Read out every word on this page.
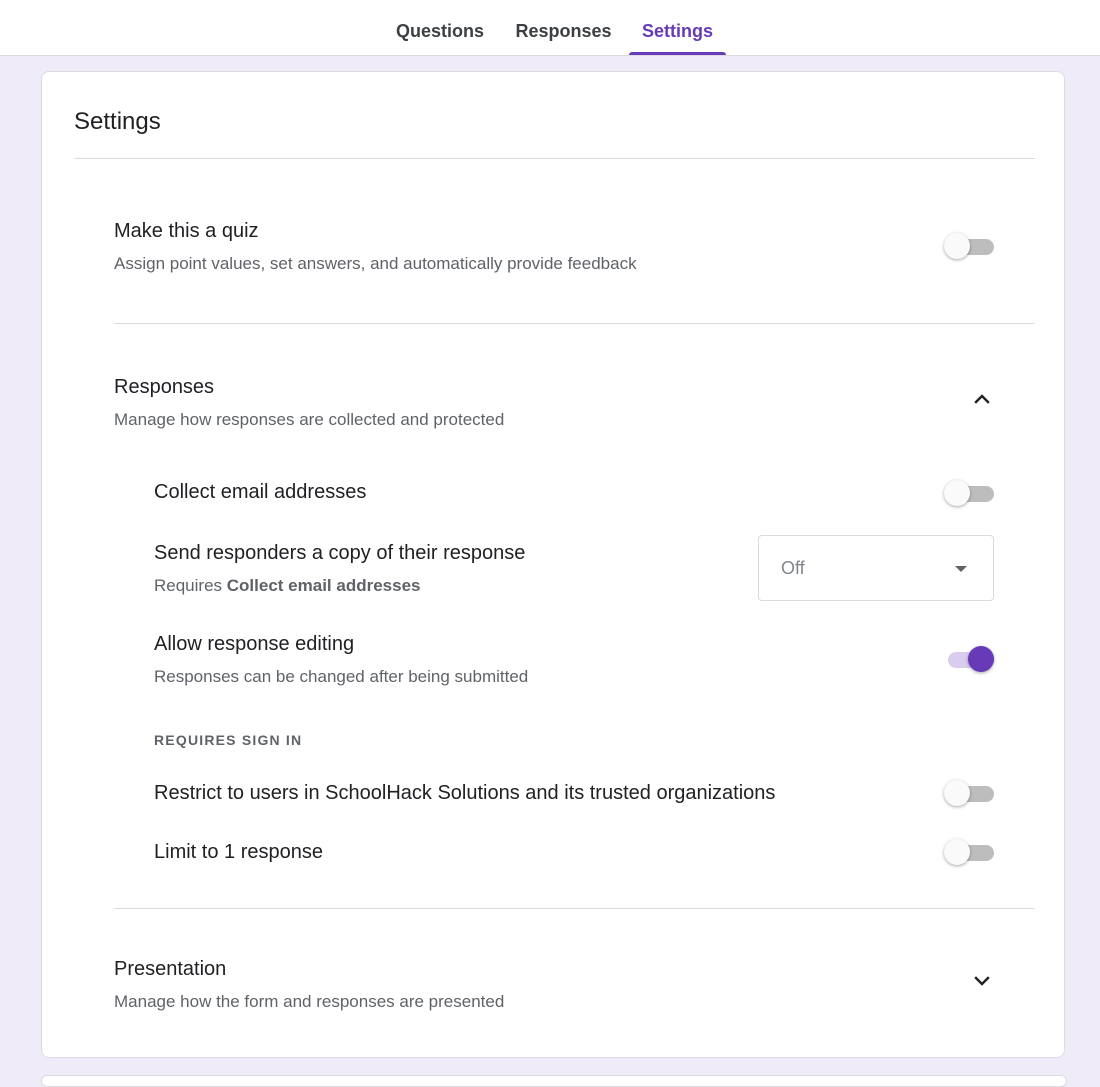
Questions	Responses	Settings
Settings
Make this a quiz
Assign point values, set answers, and automatically provide feedback
Responses
Manage how responses are collected and protected
Collect email addresses
Send responders a copy of their response
Requires Collect email addresses
Off
Allow response editing
Responses can be changed after being submitted
REQUIRES SIGN IN
Restrict to users in SchoolHack Solutions and its trusted organizations
Limit to 1 response
Presentation
Manage how the form and responses are presented
